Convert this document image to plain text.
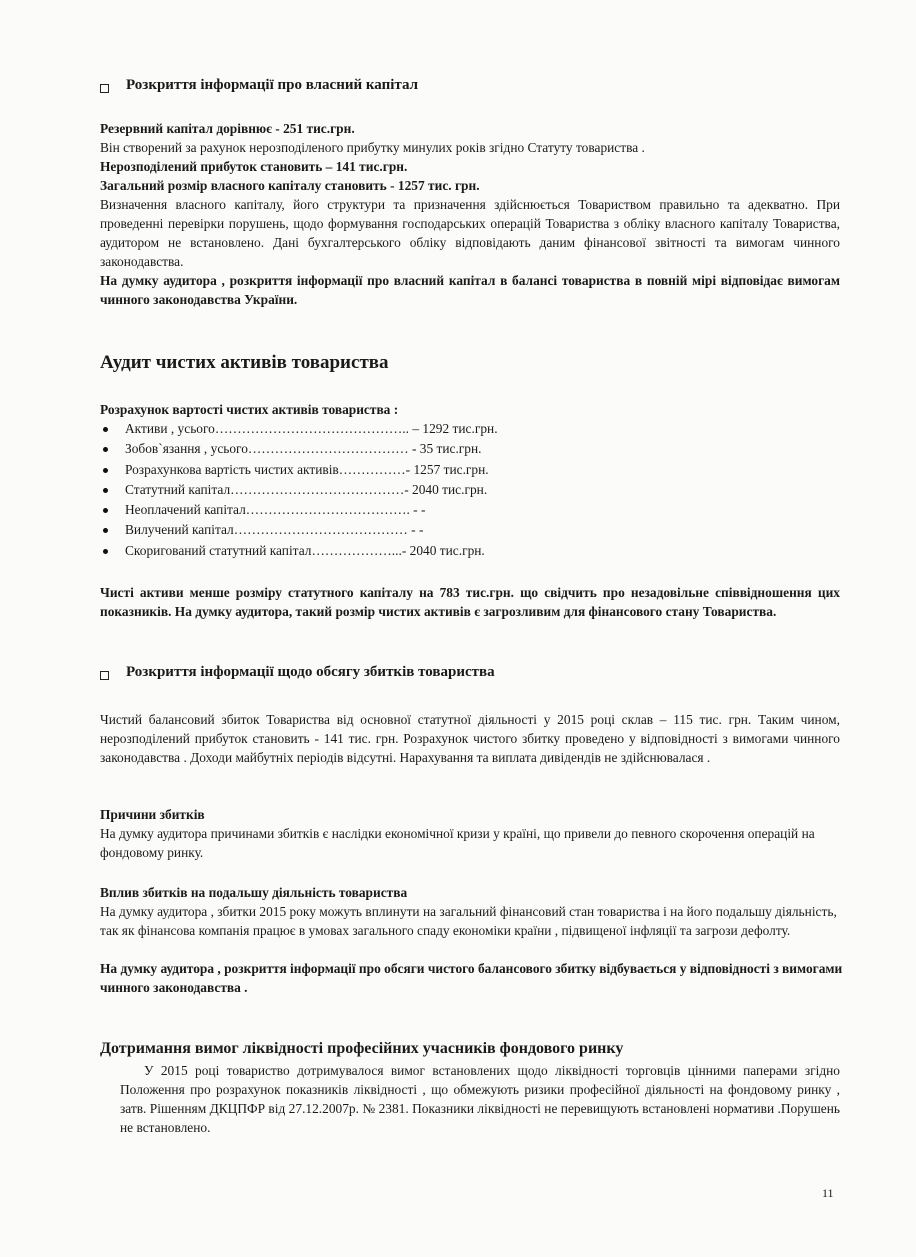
Розкриття інформації про власний капітал
Резервний капітал дорівнює - 251 тис.грн.
Він створений за рахунок нерозподіленого прибутку минулих років згідно Статуту товариства .
Нерозподілений прибуток становить – 141 тис.грн.
Загальний розмір власного капіталу становить - 1257 тис. грн.
Визначення власного капіталу, його структури та призначення здійснюється Товариством правильно та адекватно. При проведенні перевірки порушень, щодо формування господарських операцій Товариства з обліку власного капіталу Товариства, аудитором не встановлено. Дані бухгалтерського обліку відповідають даним фінансової звітності та вимогам чинного законодавства.
На думку аудитора , розкриття інформації про власний капітал в балансі товариства в повній мірі відповідає вимогам чинного законодавства України.
Аудит чистих активів товариства
Розрахунок вартості чистих активів товариства :
Активи , усього…………………………………….. – 1292 тис.грн.
Зобов`язання , усього……………………………… - 35 тис.грн.
Розрахункова вартість чистих активів……………- 1257 тис.грн.
Статутний капітал…………………………………- 2040 тис.грн.
Неоплачений капітал………………………………. - -
Вилучений капітал………………………………… - -
Скоригований статутний капітал………………...- 2040 тис.грн.
Чисті активи менше розміру статутного капіталу на 783 тис.грн. що свідчить про незадовільне співвідношення цих показників. На думку аудитора, такий розмір чистих активів є загрозливим для фінансового стану Товариства.
Розкриття інформації щодо обсягу збитків товариства
Чистий балансовий збиток Товариства від основної статутної діяльності у 2015 році склав – 115 тис. грн. Таким чином, нерозподілений прибуток становить - 141 тис. грн. Розрахунок чистого збитку проведено у відповідності з вимогами чинного законодавства . Доходи майбутніх періодів відсутні. Нарахування та виплата дивідендів не здійснювалася .
Причини збитків
На думку аудитора причинами збитків є наслідки економічної кризи у країні, що привели до певного скорочення операцій на фондовому ринку.
Вплив збитків на подальшу діяльність товариства
На думку аудитора , збитки 2015 року можуть вплинути на загальний фінансовий стан товариства і на його подальшу діяльність, так як фінансова компанія працює в умовах загального спаду економіки країни , підвищеної інфляції та загрози дефолту.
На думку аудитора , розкриття інформації про обсяги чистого балансового збитку відбувається у відповідності з вимогами чинного законодавства .
Дотримання вимог ліквідності професійних учасників фондового ринку
У 2015 році товариство дотримувалося вимог встановлених щодо ліквідності торговців цінними паперами згідно Положення про розрахунок показників ліквідності , що обмежують ризики професійної діяльності на фондовому ринку , затв. Рішенням ДКЦПФР від 27.12.2007р. № 2381. Показники ліквідності не перевищують встановлені нормативи .Порушень не встановлено.
11
